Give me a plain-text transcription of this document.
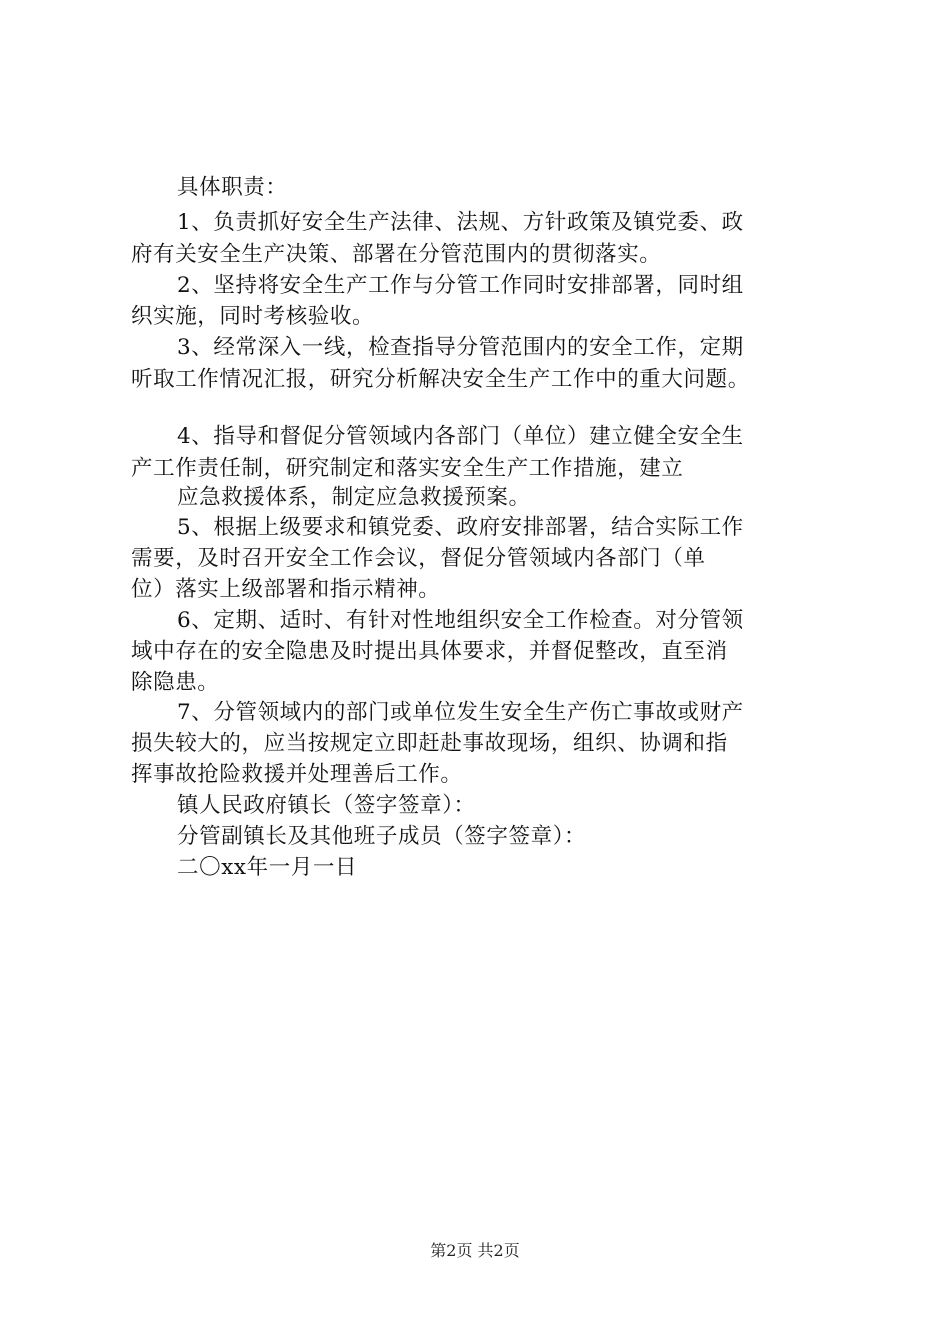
具体职责：
1、负责抓好安全生产法律、法规、方针政策及镇党委、政
府有关安全生产决策、部署在分管范围内的贯彻落实。
2、坚持将安全生产工作与分管工作同时安排部署，同时组
织实施，同时考核验收。
3、经常深入一线，检查指导分管范围内的安全工作，定期
听取工作情况汇报，研究分析解决安全生产工作中的重大问题。
4、指导和督促分管领域内各部门（单位）建立健全安全生
产工作责任制，研究制定和落实安全生产工作措施，建立
应急救援体系，制定应急救援预案。
5、根据上级要求和镇党委、政府安排部署，结合实际工作
需要，及时召开安全工作会议，督促分管领域内各部门（单
位）落实上级部署和指示精神。
6、定期、适时、有针对性地组织安全工作检查。对分管领
域中存在的安全隐患及时提出具体要求，并督促整改，直至消
除隐患。
7、分管领域内的部门或单位发生安全生产伤亡事故或财产
损失较大的，应当按规定立即赶赴事故现场，组织、协调和指
挥事故抢险救援并处理善后工作。
镇人民政府镇长（签字签章）：
分管副镇长及其他班子成员（签字签章）：
二〇xx年一月一日
第2页 共2页
